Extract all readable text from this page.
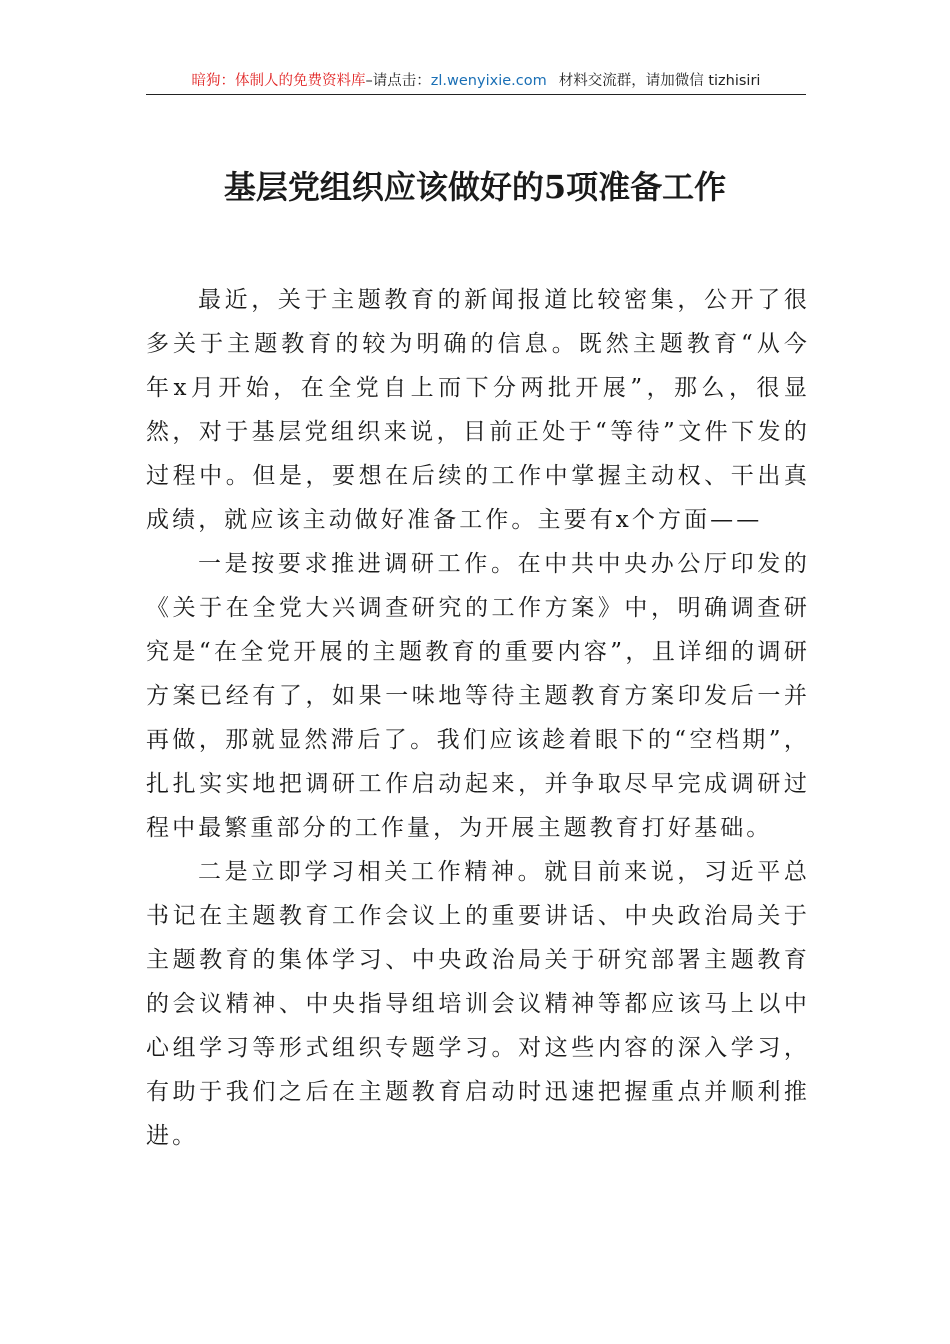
暗狗：体制人的免费资料库–请点击：zl.wenyixie.com 材料交流群，请加微信 tizhisiri
基层党组织应该做好的5项准备工作

最近，关于主题教育的新闻报道比较密集，公开了很多关于主题教育的较为明确的信息。既然主题教育“从今年x月开始，在全党自上而下分两批开展”，那么，很显然，对于基层党组织来说，目前正处于“等待”文件下发的过程中。但是，要想在后续的工作中掌握主动权、干出真成绩，就应该主动做好准备工作。主要有x个方面——

一是按要求推进调研工作。在中共中央办公厅印发的《关于在全党大兴调查研究的工作方案》中，明确调查研究是“在全党开展的主题教育的重要内容”，且详细的调研方案已经有了，如果一味地等待主题教育方案印发后一并再做，那就显然滞后了。我们应该趁着眼下的“空档期”，扎扎实实地把调研工作启动起来，并争取尽早完成调研过程中最繁重部分的工作量，为开展主题教育打好基础。

二是立即学习相关工作精神。就目前来说，习近平总书记在主题教育工作会议上的重要讲话、中央政治局关于主题教育的集体学习、中央政治局关于研究部署主题教育的会议精神、中央指导组培训会议精神等都应该马上以中心组学习等形式组织专题学习。对这些内容的深入学习，有助于我们之后在主题教育启动时迅速把握重点并顺利推进。
